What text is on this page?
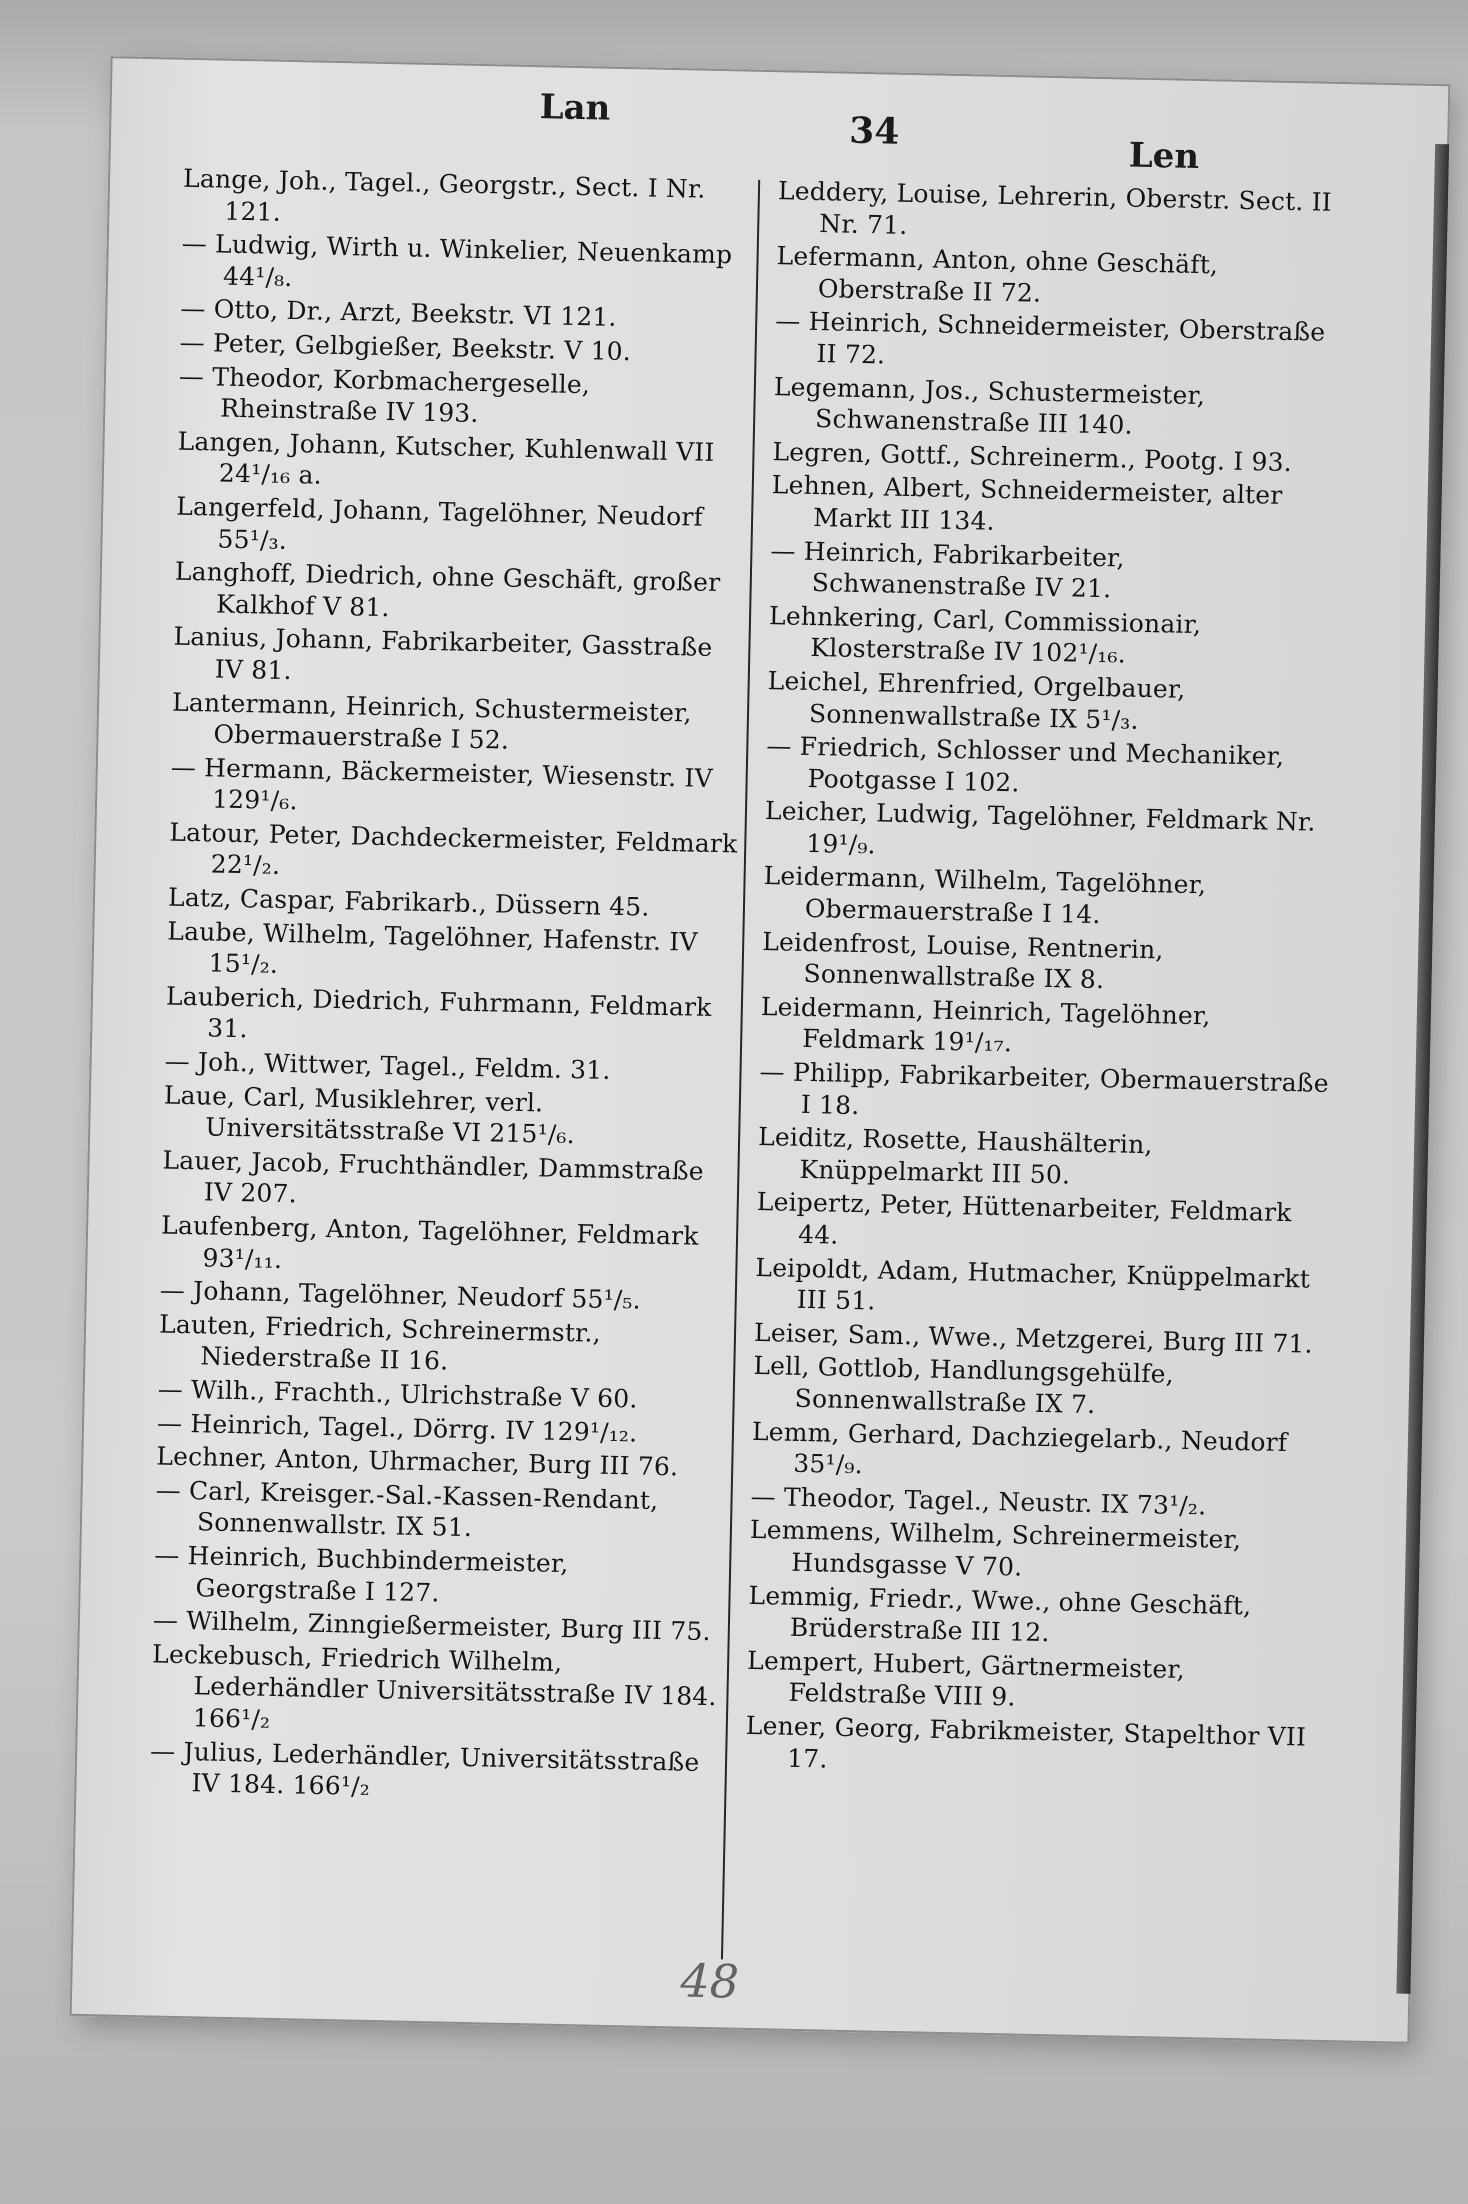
Lan
34
Len

Lange, Joh., Tagel., Georgstr., Sect. I Nr. 121.

— Ludwig, Wirth u. Winkelier, Neuenkamp 44¹/₈.

— Otto, Dr., Arzt, Beekstr. VI 121.

— Peter, Gelbgießer, Beekstr. V 10.

— Theodor, Korbmachergeselle, Rheinstraße IV 193.

Langen, Johann, Kutscher, Kuhlenwall VII 24¹/₁₆ a.

Langerfeld, Johann, Tagelöhner, Neudorf 55¹/₃.

Langhoff, Diedrich, ohne Geschäft, großer Kalkhof V 81.

Lanius, Johann, Fabrikarbeiter, Gasstraße IV 81.

Lantermann, Heinrich, Schustermeister, Obermauerstraße I 52.

— Hermann, Bäckermeister, Wiesenstr. IV 129¹/₆.

Latour, Peter, Dachdeckermeister, Feldmark 22¹/₂.

Latz, Caspar, Fabrikarb., Düssern 45.

Laube, Wilhelm, Tagelöhner, Hafenstr. IV 15¹/₂.

Lauberich, Diedrich, Fuhrmann, Feldmark 31.

— Joh., Wittwer, Tagel., Feldm. 31.

Laue, Carl, Musiklehrer, verl. Universitätsstraße VI 215¹/₆.

Lauer, Jacob, Fruchthändler, Dammstraße IV 207.

Laufenberg, Anton, Tagelöhner, Feldmark 93¹/₁₁.

— Johann, Tagelöhner, Neudorf 55¹/₅.

Lauten, Friedrich, Schreinermstr., Niederstraße II 16.

— Wilh., Frachth., Ulrichstraße V 60.

— Heinrich, Tagel., Dörrg. IV 129¹/₁₂.

Lechner, Anton, Uhrmacher, Burg III 76.

— Carl, Kreisger.-Sal.-Kassen-Rendant, Sonnenwallstr. IX 51.

— Heinrich, Buchbindermeister, Georgstraße I 127.

— Wilhelm, Zinngießermeister, Burg III 75.

Leckebusch, Friedrich Wilhelm, Lederhändler Universitätsstraße IV 184. 166¹/₂

— Julius, Lederhändler, Universitätsstraße IV 184. 166¹/₂

Leddery, Louise, Lehrerin, Oberstr. Sect. II Nr. 71.

Lefermann, Anton, ohne Geschäft, Oberstraße II 72.

— Heinrich, Schneidermeister, Oberstraße II 72.

Legemann, Jos., Schustermeister, Schwanenstraße III 140.

Legren, Gottf., Schreinerm., Pootg. I 93.

Lehnen, Albert, Schneidermeister, alter Markt III 134.

— Heinrich, Fabrikarbeiter, Schwanenstraße IV 21.

Lehnkering, Carl, Commissionair, Klosterstraße IV 102¹/₁₆.

Leichel, Ehrenfried, Orgelbauer, Sonnenwallstraße IX 5¹/₃.

— Friedrich, Schlosser und Mechaniker, Pootgasse I 102.

Leicher, Ludwig, Tagelöhner, Feldmark Nr. 19¹/₉.

Leidermann, Wilhelm, Tagelöhner, Obermauerstraße I 14.

Leidenfrost, Louise, Rentnerin, Sonnenwallstraße IX 8.

Leidermann, Heinrich, Tagelöhner, Feldmark 19¹/₁₇.

— Philipp, Fabrikarbeiter, Obermauerstraße I 18.

Leiditz, Rosette, Haushälterin, Knüppelmarkt III 50.

Leipertz, Peter, Hüttenarbeiter, Feldmark 44.

Leipoldt, Adam, Hutmacher, Knüppelmarkt III 51.

Leiser, Sam., Wwe., Metzgerei, Burg III 71.

Lell, Gottlob, Handlungsgehülfe, Sonnenwallstraße IX 7.

Lemm, Gerhard, Dachziegelarb., Neudorf 35¹/₉.

— Theodor, Tagel., Neustr. IX 73¹/₂.

Lemmens, Wilhelm, Schreinermeister, Hundsgasse V 70.

Lemmig, Friedr., Wwe., ohne Geschäft, Brüderstraße III 12.

Lempert, Hubert, Gärtnermeister, Feldstraße VIII 9.

Lener, Georg, Fabrikmeister, Stapelthor VII 17.

48
